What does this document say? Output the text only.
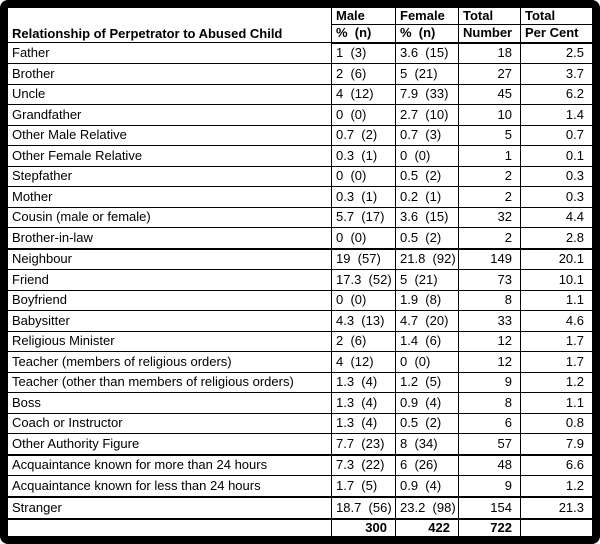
Relationship of Perpetrator to Abused Child	Male	Female	Total	Total
	%  (n)	%  (n)	Number	Per Cent
Father	1  (3)	3.6  (15)	18	2.5
Brother	2  (6)	5  (21)	27	3.7
Uncle	4  (12)	7.9  (33)	45	6.2
Grandfather	0  (0)	2.7  (10)	10	1.4
Other Male Relative	0.7  (2)	0.7  (3)	5	0.7
Other Female Relative	0.3  (1)	0  (0)	1	0.1
Stepfather	0  (0)	0.5  (2)	2	0.3
Mother	0.3  (1)	0.2  (1)	2	0.3
Cousin (male or female)	5.7  (17)	3.6  (15)	32	4.4
Brother-in-law	0  (0)	0.5  (2)	2	2.8
Neighbour	19  (57)	21.8  (92)	149	20.1
Friend	17.3  (52)	5  (21)	73	10.1
Boyfriend	0  (0)	1.9  (8)	8	1.1
Babysitter	4.3  (13)	4.7  (20)	33	4.6
Religious Minister	2  (6)	1.4  (6)	12	1.7
Teacher (members of religious orders)	4  (12)	0  (0)	12	1.7
Teacher (other than members of religious orders)	1.3  (4)	1.2  (5)	9	1.2
Boss	1.3  (4)	0.9  (4)	8	1.1
Coach or Instructor	1.3  (4)	0.5  (2)	6	0.8
Other Authority Figure	7.7  (23)	8  (34)	57	7.9
Acquaintance known for more than 24 hours	7.3  (22)	6  (26)	48	6.6
Acquaintance known for less than 24 hours	1.7  (5)	0.9  (4)	9	1.2
Stranger	18.7  (56)	23.2  (98)	154	21.3
	300	422	722	
